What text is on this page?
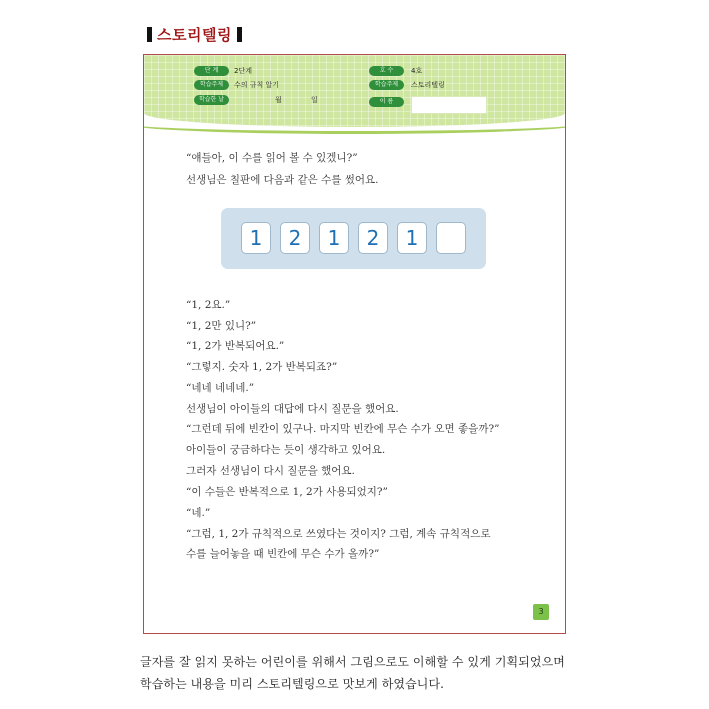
스토리텔링
단 계	2단계
학습주제	수의 규칙 알기
학습한 날	월	일
호 수	4호
학습주제	스토리텔링
이 름
“얘들아, 이 수를 읽어 볼 수 있겠니?”
선생님은 칠판에 다음과 같은 수를 썼어요.
1	2	1	2	1
“1, 2요.”
“1, 2만 있니?”
“1, 2가 반복되어요.”
“그렇지. 숫자 1, 2가 반복되죠?”
“네네 네네네.”
선생님이 아이들의 대답에 다시 질문을 했어요.
“그런데 뒤에 빈칸이 있구나. 마지막 빈칸에 무슨 수가 오면 좋을까?”
아이들이 궁금하다는 듯이 생각하고 있어요.
그러자 선생님이 다시 질문을 했어요.
“이 수들은 반복적으로 1, 2가 사용되었지?”
“네.”
“그럼, 1, 2가 규칙적으로 쓰였다는 것이지? 그럼, 계속 규칙적으로
수를 늘어놓을 때 빈칸에 무슨 수가 올까?”
3
글자를 잘 읽지 못하는 어린이를 위해서 그림으로도 이해할 수 있게 기획되었으며
학습하는 내용을 미리 스토리텔링으로 맛보게 하였습니다.
